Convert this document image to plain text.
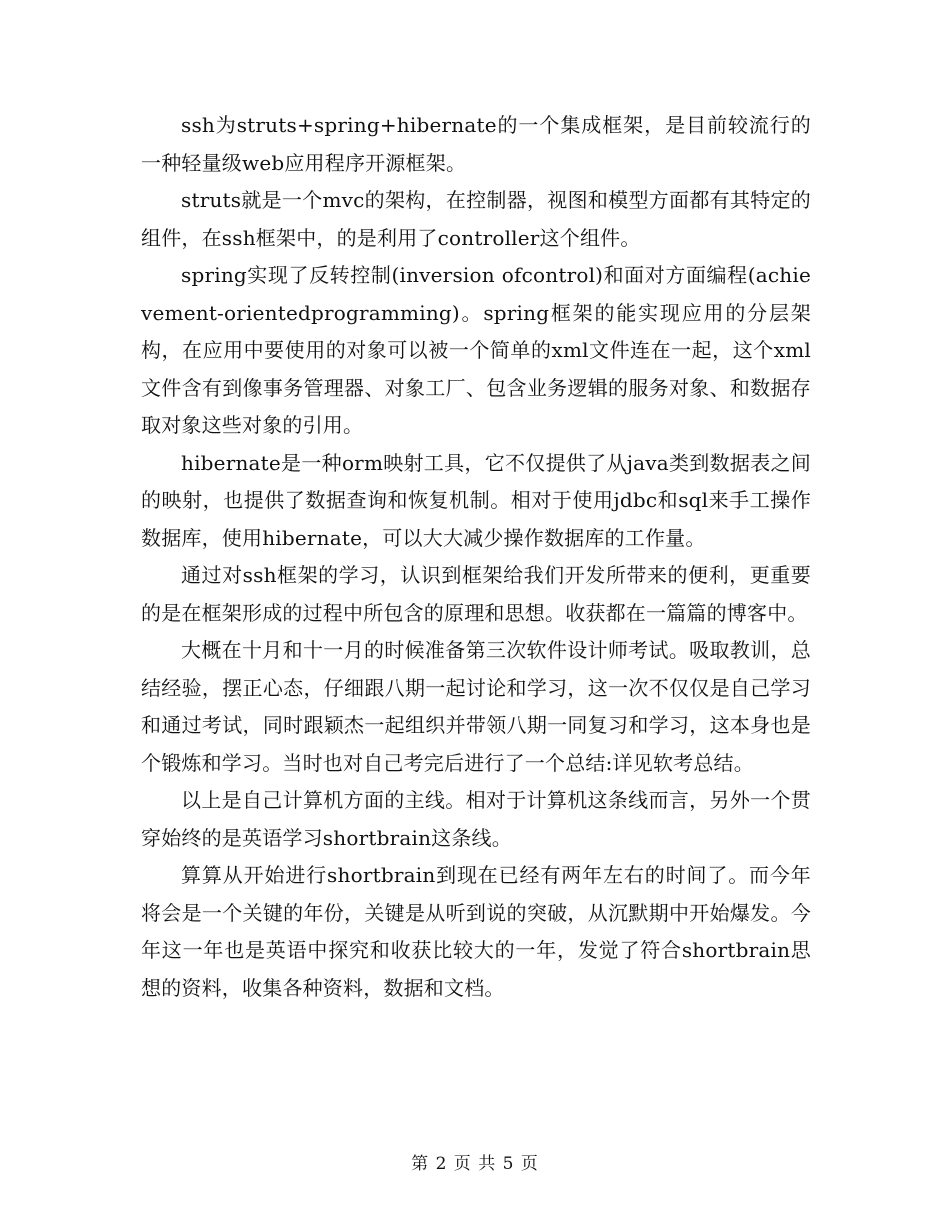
ssh为struts+spring+hibernate的一个集成框架，是目前较流行的一种轻量级web应用程序开源框架。

struts就是一个mvc的架构，在控制器，视图和模型方面都有其特定的组件，在ssh框架中，的是利用了controller这个组件。

spring实现了反转控制(inversion ofcontrol)和面对方面编程(achievement-orientedprogramming)。spring框架的能实现应用的分层架构，在应用中要使用的对象可以被一个简单的xml文件连在一起，这个xml文件含有到像事务管理器、对象工厂、包含业务逻辑的服务对象、和数据存取对象这些对象的引用。

hibernate是一种orm映射工具，它不仅提供了从java类到数据表之间的映射，也提供了数据查询和恢复机制。相对于使用jdbc和sql来手工操作数据库，使用hibernate，可以大大减少操作数据库的工作量。

通过对ssh框架的学习，认识到框架给我们开发所带来的便利，更重要的是在框架形成的过程中所包含的原理和思想。收获都在一篇篇的博客中。

大概在十月和十一月的时候准备第三次软件设计师考试。吸取教训，总结经验，摆正心态，仔细跟八期一起讨论和学习，这一次不仅仅是自己学习和通过考试，同时跟颖杰一起组织并带领八期一同复习和学习，这本身也是个锻炼和学习。当时也对自己考完后进行了一个总结:详见软考总结。

以上是自己计算机方面的主线。相对于计算机这条线而言，另外一个贯穿始终的是英语学习shortbrain这条线。

算算从开始进行shortbrain到现在已经有两年左右的时间了。而今年将会是一个关键的年份，关键是从听到说的突破，从沉默期中开始爆发。今年这一年也是英语中探究和收获比较大的一年，发觉了符合shortbrain思想的资料，收集各种资料，数据和文档。

第 2 页 共 5 页
